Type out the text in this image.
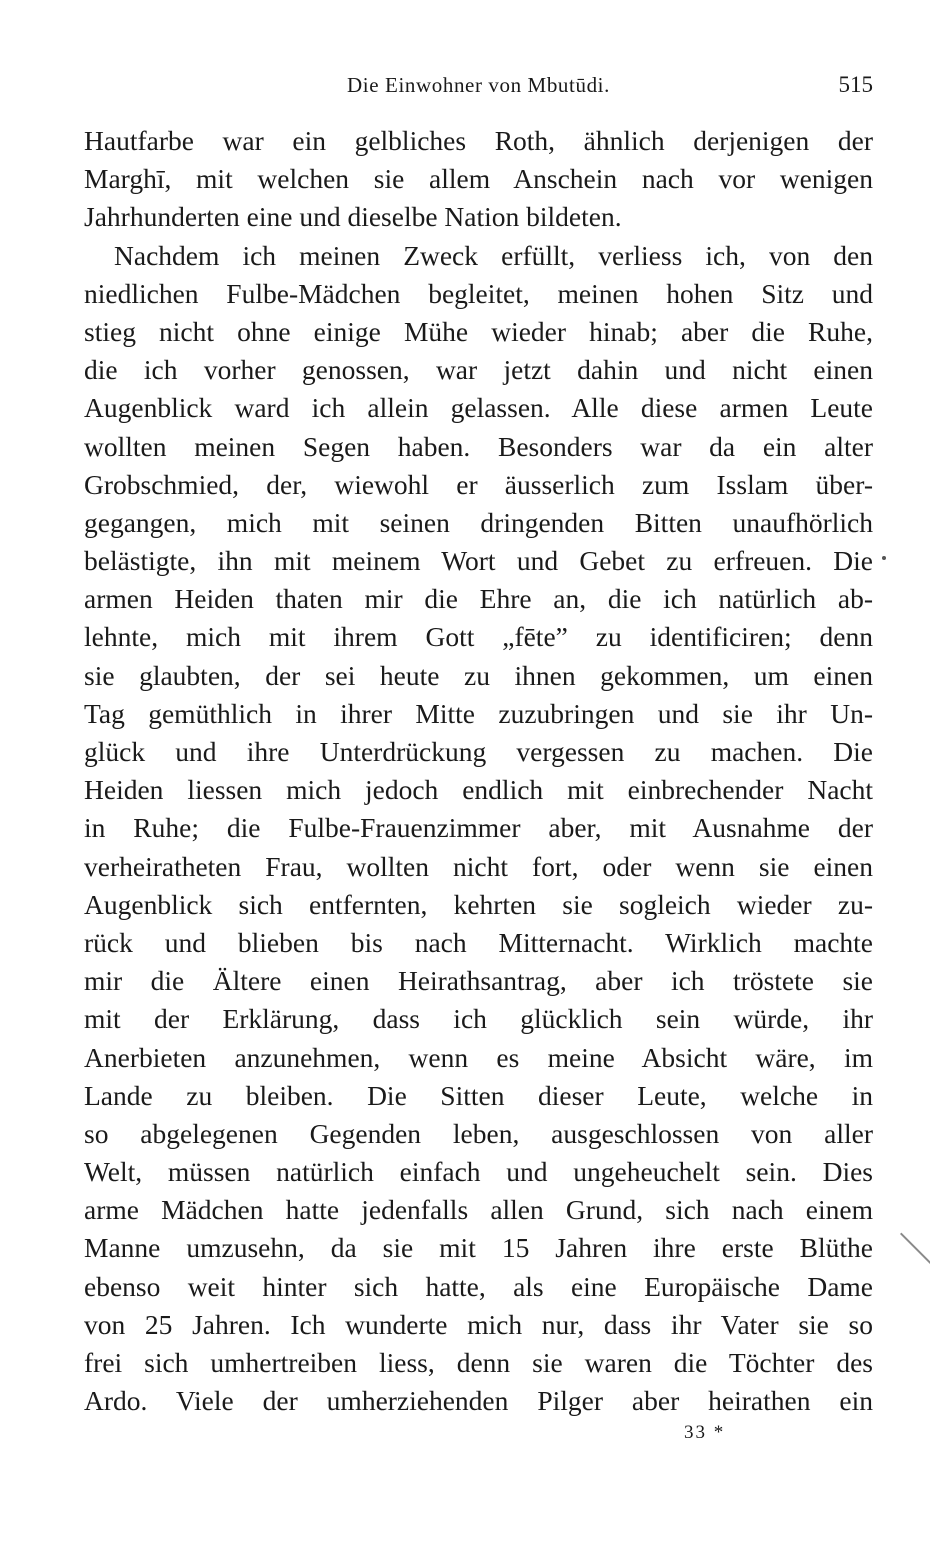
Die Einwohner von Mbutūdi.	515
Hautfarbe war ein gelbliches Roth, ähnlich derjenigen der
Marghī, mit welchen sie allem Anschein nach vor wenigen
Jahrhunderten eine und dieselbe Nation bildeten.
Nachdem ich meinen Zweck erfüllt, verliess ich, von den
niedlichen Fulbe-Mädchen begleitet, meinen hohen Sitz und
stieg nicht ohne einige Mühe wieder hinab; aber die Ruhe,
die ich vorher genossen, war jetzt dahin und nicht einen
Augenblick ward ich allein gelassen. Alle diese armen Leute
wollten meinen Segen haben. Besonders war da ein alter
Grobschmied, der, wiewohl er äusserlich zum Isslam über-
gegangen, mich mit seinen dringenden Bitten unaufhörlich
belästigte, ihn mit meinem Wort und Gebet zu erfreuen. Die
armen Heiden thaten mir die Ehre an, die ich natürlich ab-
lehnte, mich mit ihrem Gott „fēte” zu identificiren; denn
sie glaubten, der sei heute zu ihnen gekommen, um einen
Tag gemüthlich in ihrer Mitte zuzubringen und sie ihr Un-
glück und ihre Unterdrückung vergessen zu machen. Die
Heiden liessen mich jedoch endlich mit einbrechender Nacht
in Ruhe; die Fulbe-Frauenzimmer aber, mit Ausnahme der
verheiratheten Frau, wollten nicht fort, oder wenn sie einen
Augenblick sich entfernten, kehrten sie sogleich wieder zu-
rück und blieben bis nach Mitternacht. Wirklich machte
mir die Ältere einen Heirathsantrag, aber ich tröstete sie
mit der Erklärung, dass ich glücklich sein würde, ihr
Anerbieten anzunehmen, wenn es meine Absicht wäre, im
Lande zu bleiben. Die Sitten dieser Leute, welche in
so abgelegenen Gegenden leben, ausgeschlossen von aller
Welt, müssen natürlich einfach und ungeheuchelt sein. Dies
arme Mädchen hatte jedenfalls allen Grund, sich nach einem
Manne umzusehn, da sie mit 15 Jahren ihre erste Blüthe
ebenso weit hinter sich hatte, als eine Europäische Dame
von 25 Jahren. Ich wunderte mich nur, dass ihr Vater sie so
frei sich umhertreiben liess, denn sie waren die Töchter des
Ardo. Viele der umherziehenden Pilger aber heirathen ein
33 *
